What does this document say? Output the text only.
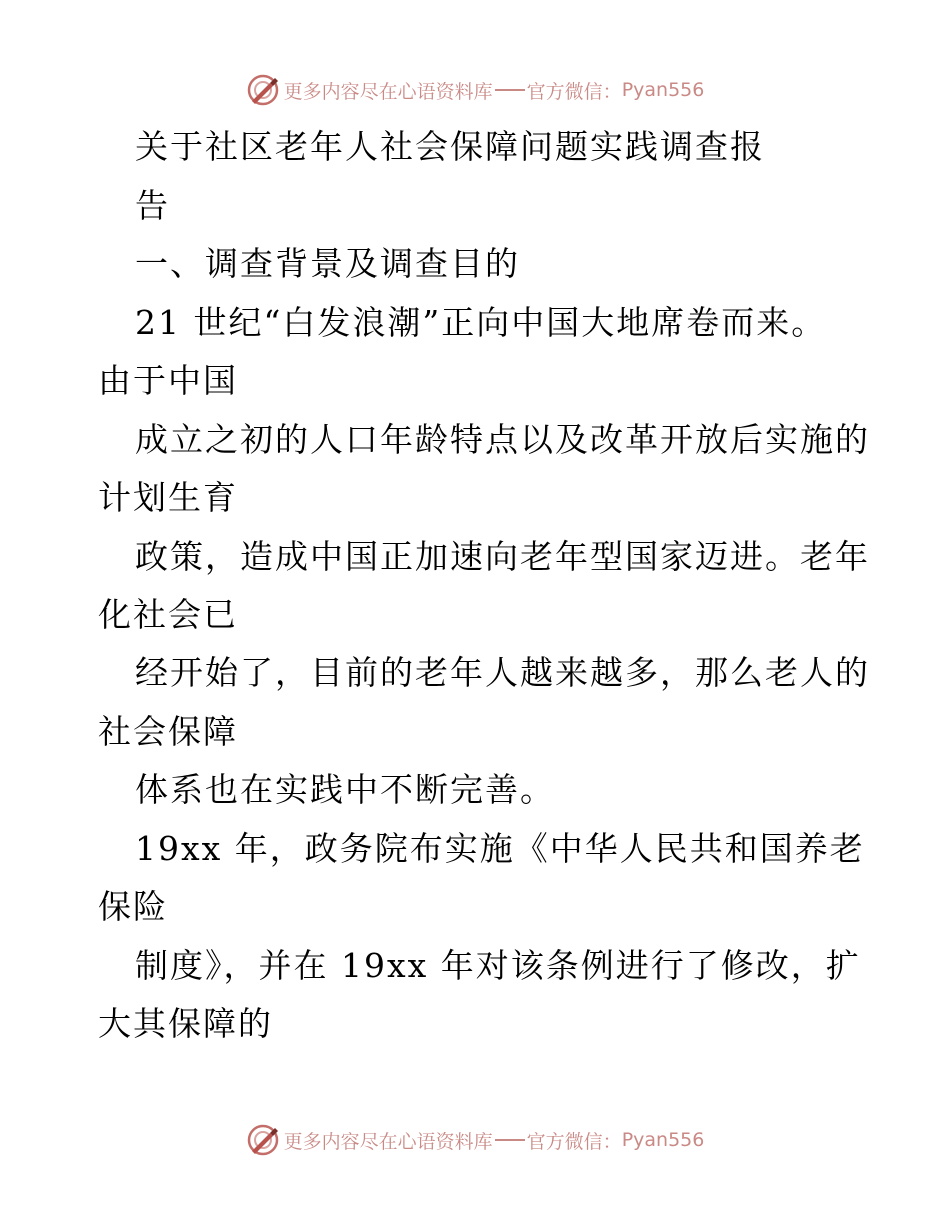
更多内容尽在心语资料库 官方微信： Pyan556
关于社区老年人社会保障问题实践调查报
告
一、调查背景及调查目的
21 世纪“白发浪潮”正向中国大地席卷而来。
由于中国
成立之初的人口年龄特点以及改革开放后实施的
计划生育
政策，造成中国正加速向老年型国家迈进。老年
化社会已
经开始了，目前的老年人越来越多，那么老人的
社会保障
体系也在实践中不断完善。
19xx 年，政务院布实施《中华人民共和国养老
保险
制度》，并在 19xx 年对该条例进行了修改，扩
大其保障的
更多内容尽在心语资料库 官方微信： Pyan556
